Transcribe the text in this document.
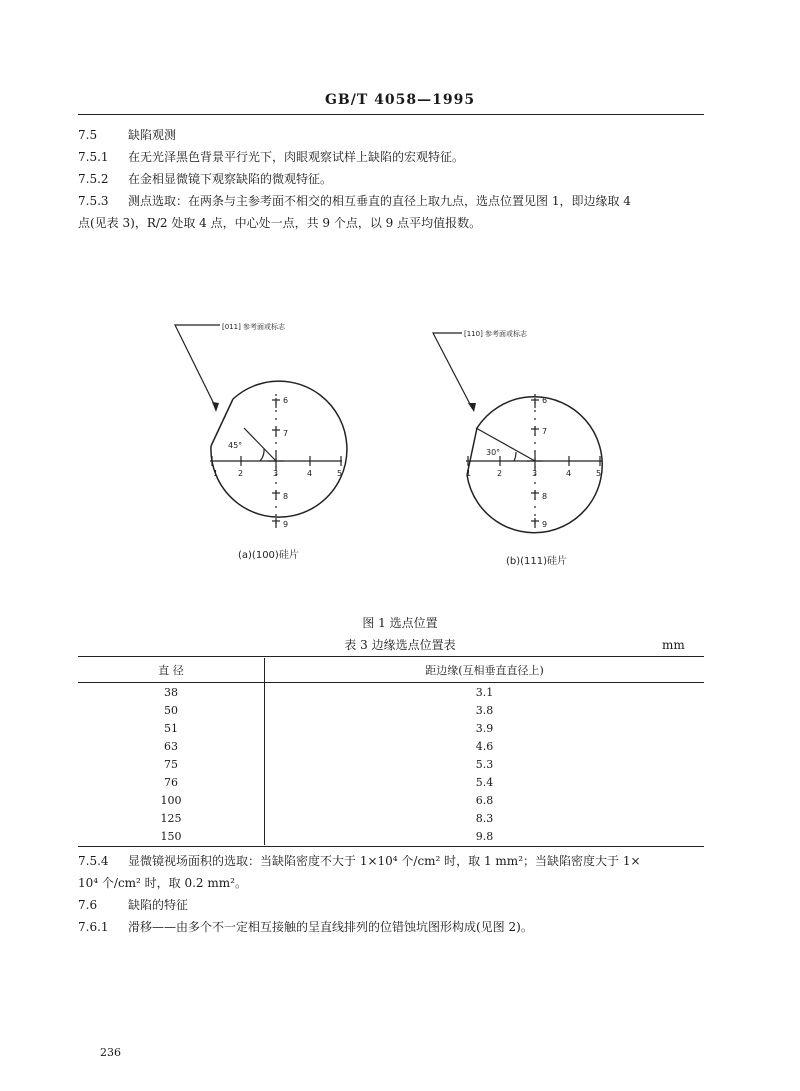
GB/T 4058—1995
7.5	缺陷观测
7.5.1 在无光泽黑色背景平行光下，肉眼观察试样上缺陷的宏观特征。
7.5.2 在金相显微镜下观察缺陷的微观特征。
7.5.3 测点选取：在两条与主参考面不相交的相互垂直的直径上取九点，选点位置见图 1，即边缘取 4
点(见表 3)，R/2 处取 4 点，中心处一点，共 9 个点，以 9 点平均值报数。
[011] 参考面或标志
45°
1 2	3	4	5
6
7
8
9
(a)(100)硅片
[110] 参考面或标志
30°
1	2	3	4	5
6
7
8
9
(b)(111)硅片
图 1 选点位置
表 3 边缘选点位置表	mm
直 径	距边缘(互相垂直直径上)
38	3.1
50	3.8
51	3.9
63	4.6
75	5.3
76	5.4
100	6.8
125	8.3
150	9.8
7.5.4 显微镜视场面积的选取：当缺陷密度不大于 1×10⁴ 个/cm² 时，取 1 mm²；当缺陷密度大于 1×
10⁴ 个/cm² 时，取 0.2 mm²。
7.6	缺陷的特征
7.6.1 滑移——由多个不一定相互接触的呈直线排列的位错蚀坑图形构成(见图 2)。
236
